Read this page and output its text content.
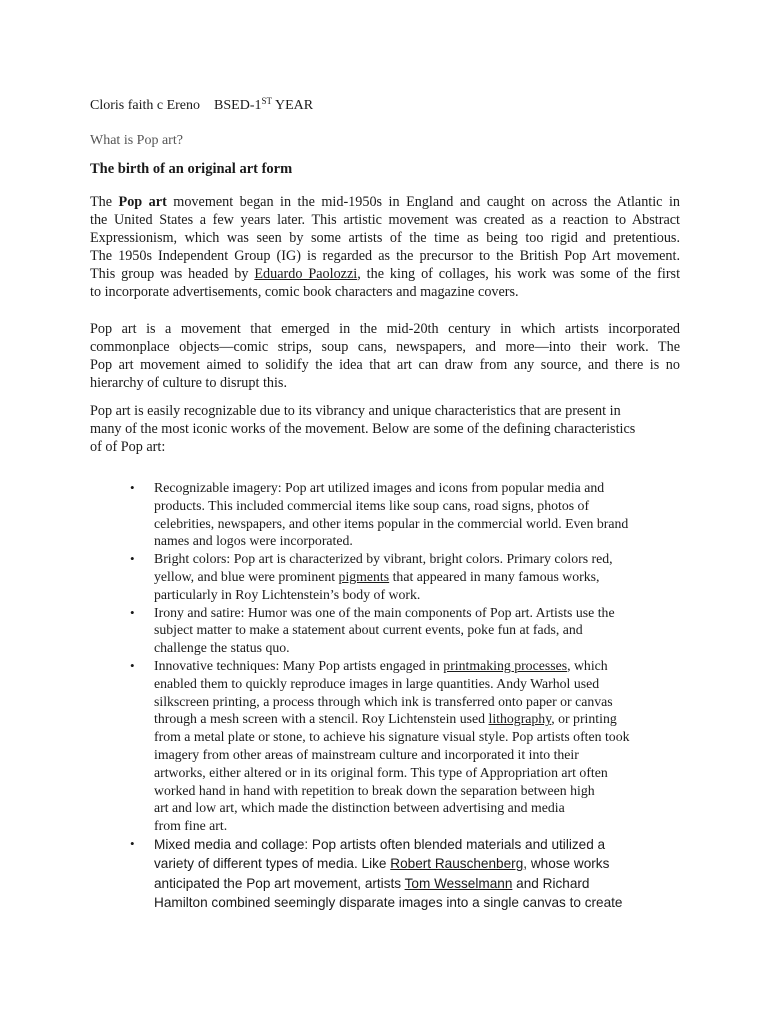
Cloris faith c Ereno BSED-1ST YEAR
What is Pop art?
The birth of an original art form
The Pop art movement began in the mid-1950s in England and caught on across the Atlantic in
the United States a few years later. This artistic movement was created as a reaction to Abstract
Expressionism, which was seen by some artists of the time as being too rigid and pretentious.
The 1950s Independent Group (IG) is regarded as the precursor to the British Pop Art movement.
This group was headed by Eduardo Paolozzi, the king of collages, his work was some of the first
to incorporate advertisements, comic book characters and magazine covers.
Pop art is a movement that emerged in the mid-20th century in which artists incorporated
commonplace objects—comic strips, soup cans, newspapers, and more—into their work. The
Pop art movement aimed to solidify the idea that art can draw from any source, and there is no
hierarchy of culture to disrupt this.
Pop art is easily recognizable due to its vibrancy and unique characteristics that are present in
many of the most iconic works of the movement. Below are some of the defining characteristics
of of Pop art:
• Recognizable imagery: Pop art utilized images and icons from popular media and
products. This included commercial items like soup cans, road signs, photos of
celebrities, newspapers, and other items popular in the commercial world. Even brand
names and logos were incorporated.
• Bright colors: Pop art is characterized by vibrant, bright colors. Primary colors red,
yellow, and blue were prominent pigments that appeared in many famous works,
particularly in Roy Lichtenstein’s body of work.
• Irony and satire: Humor was one of the main components of Pop art. Artists use the
subject matter to make a statement about current events, poke fun at fads, and
challenge the status quo.
• Innovative techniques: Many Pop artists engaged in printmaking processes, which
enabled them to quickly reproduce images in large quantities. Andy Warhol used
silkscreen printing, a process through which ink is transferred onto paper or canvas
through a mesh screen with a stencil. Roy Lichtenstein used lithography, or printing
from a metal plate or stone, to achieve his signature visual style. Pop artists often took
imagery from other areas of mainstream culture and incorporated it into their
artworks, either altered or in its original form. This type of Appropriation art often
worked hand in hand with repetition to break down the separation between high
art and low art, which made the distinction between advertising and media
from fine art.
• Mixed media and collage: Pop artists often blended materials and utilized a
variety of different types of media. Like Robert Rauschenberg, whose works
anticipated the Pop art movement, artists Tom Wesselmann and Richard
Hamilton combined seemingly disparate images into a single canvas to create
